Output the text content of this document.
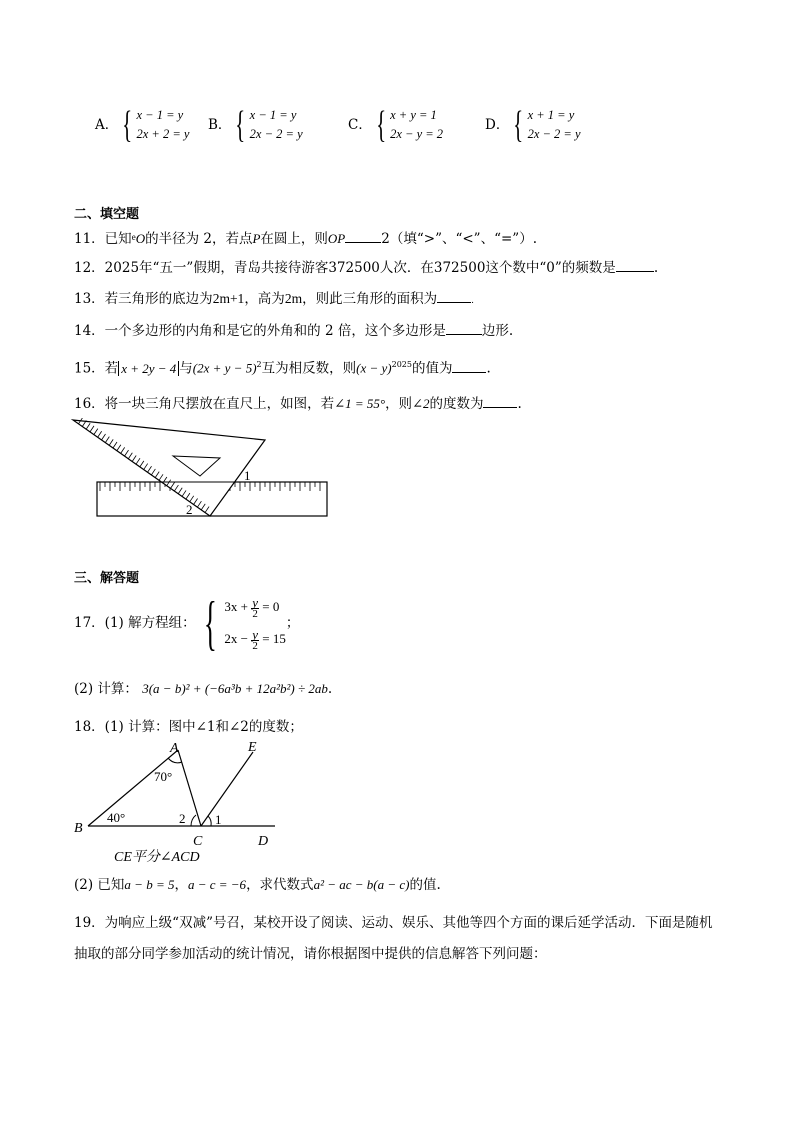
A． { x − 1 = y
2x + 2 = y
B． { x − 1 = y
2x − 2 = y
C． { x + y = 1
2x − y = 2
D． { x + 1 = y
2x − 2 = y
二、填空题
11．已知$^e$O的半径为 2，若点P在圆上，则OP	2（填“>”、“<”、“=”）.
12．2025年“五一”假期，青岛共接待游客372500人次．在372500这个数中“0”的频数是	.
13．若三角形的底边为2m+1，高为2m，则此三角形的面积为	.
14．一个多边形的内角和是它的外角和的 2 倍，这个多边形是	边形.
15．若 x + 2y − 4 与$(2x + y - 5)^2$互为相反数，则$(x - y)^{2025}$的值为	.
16．将一块三角尺摆放在直尺上，如图，若∠1 = 55°，则∠2的度数为	.
1
2
三、解答题
17．(1) 解方程组： { $3x + \frac{y}{2} = 0$
$2x - \frac{y}{2} = 15$
；
(2) 计算： 3(a − b)² + (−6a³b + 12a²b²) ÷ 2ab.
18．(1) 计算：图中∠1和∠2的度数；
A
B
C	D
E
70°
40°	2 1
CE平分∠ACD
(2) 已知a − b = 5，a − c = −6，求代数式a² − ac − b(a − c)的值.
19．为响应上级“双减”号召，某校开设了阅读、运动、娱乐、其他等四个方面的课后延学活动．下面是随机
抽取的部分同学参加活动的统计情况，请你根据图中提供的信息解答下列问题：
